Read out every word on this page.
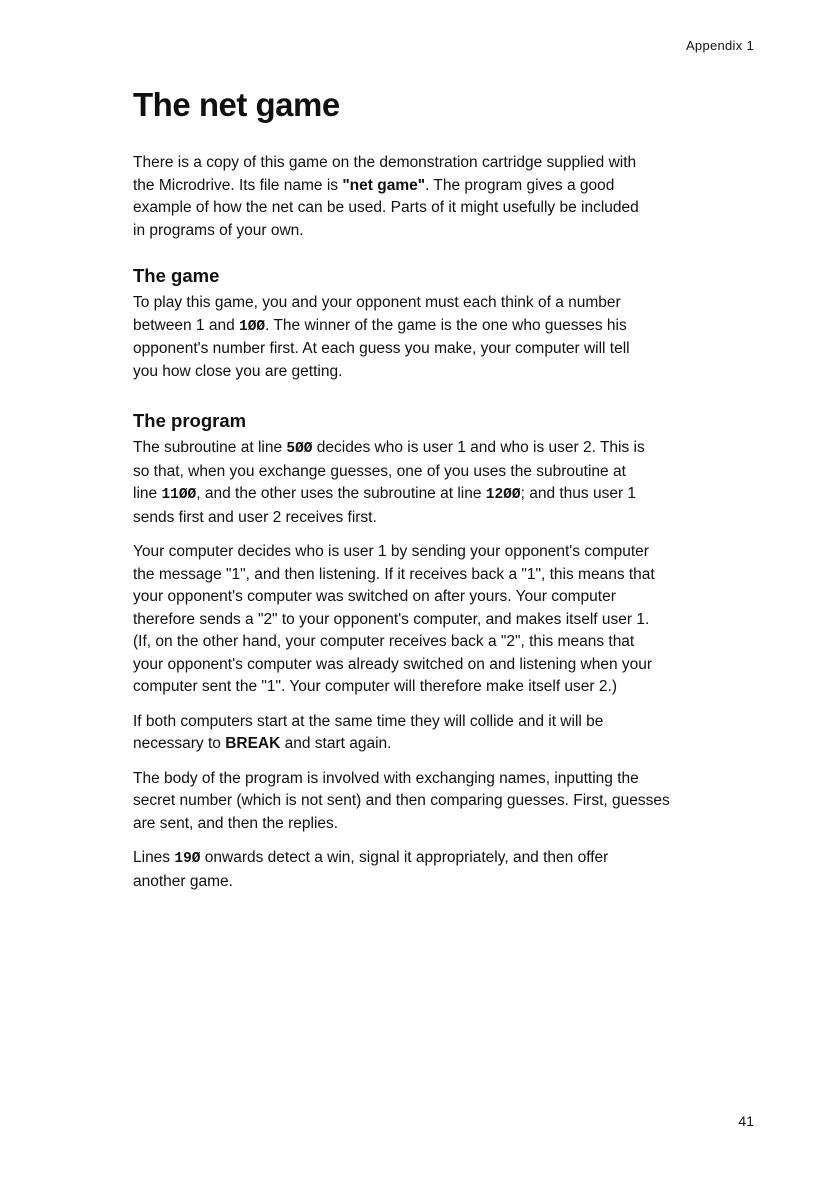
Appendix 1
The net game

There is a copy of this game on the demonstration cartridge supplied with
the Microdrive. Its file name is "net game". The program gives a good
example of how the net can be used. Parts of it might usefully be included
in programs of your own.

The game

To play this game, you and your opponent must each think of a number
between 1 and 1ØØ. The winner of the game is the one who guesses his
opponent's number first. At each guess you make, your computer will tell
you how close you are getting.

The program

The subroutine at line 5ØØ decides who is user 1 and who is user 2. This is
so that, when you exchange guesses, one of you uses the subroutine at
line 11ØØ, and the other uses the subroutine at line 12ØØ; and thus user 1
sends first and user 2 receives first.

Your computer decides who is user 1 by sending your opponent's computer
the message "1", and then listening. If it receives back a "1", this means that
your opponent's computer was switched on after yours. Your computer
therefore sends a "2" to your opponent's computer, and makes itself user 1.
(If, on the other hand, your computer receives back a "2", this means that
your opponent's computer was already switched on and listening when your
computer sent the "1". Your computer will therefore make itself user 2.)

If both computers start at the same time they will collide and it will be
necessary to BREAK and start again.

The body of the program is involved with exchanging names, inputting the
secret number (which is not sent) and then comparing guesses. First, guesses
are sent, and then the replies.

Lines 19Ø onwards detect a win, signal it appropriately, and then offer
another game.

41
